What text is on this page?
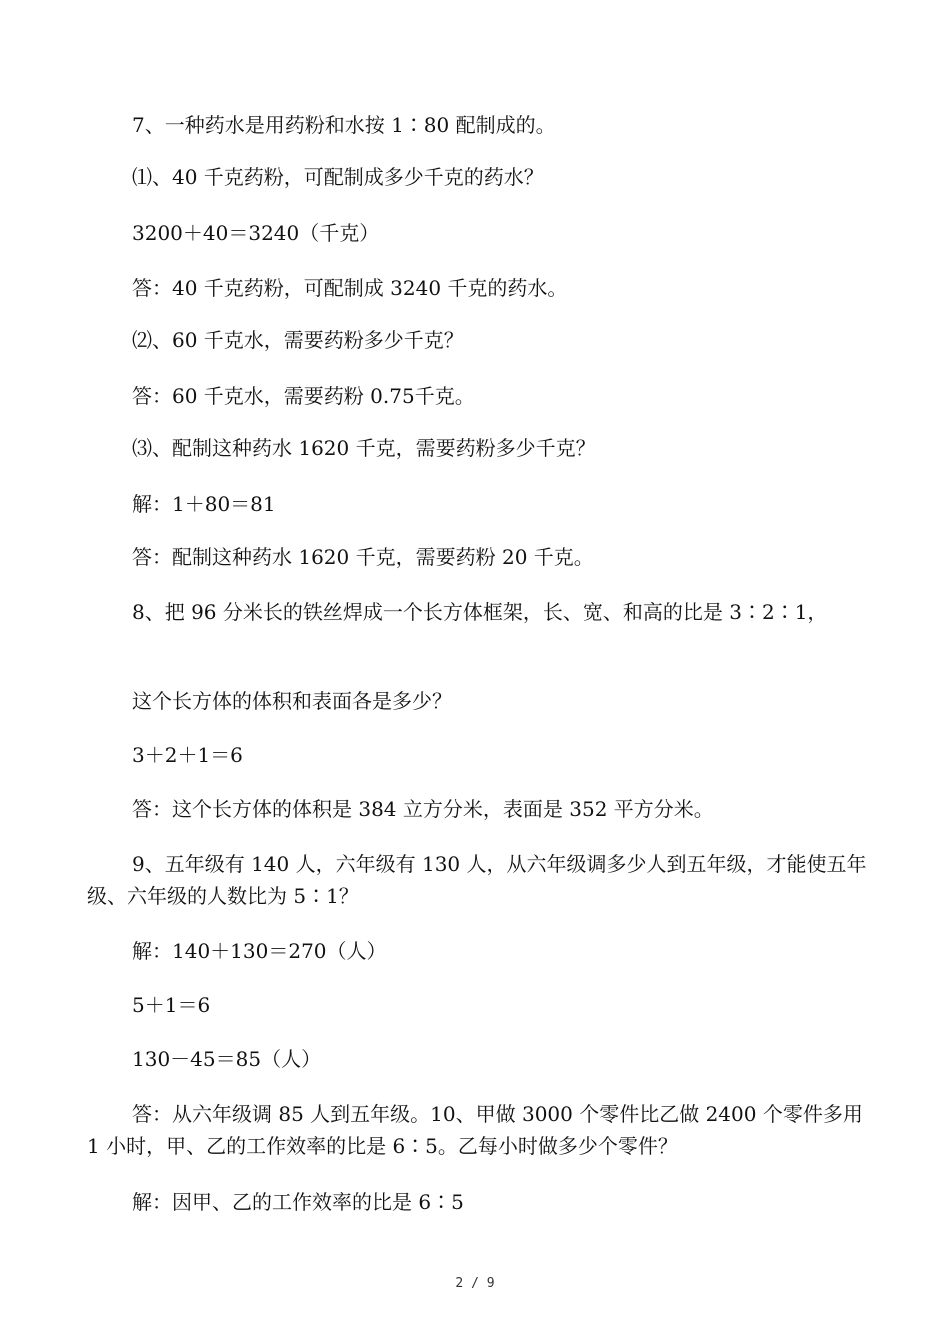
7、一种药水是用药粉和水按 1∶80 配制成的。

⑴、40 千克药粉，可配制成多少千克的药水？

3200＋40＝3240（千克）

答：40 千克药粉，可配制成 3240 千克的药水。

⑵、60 千克水，需要药粉多少千克？

答：60 千克水，需要药粉 0.75千克。

⑶、配制这种药水 1620 千克，需要药粉多少千克？

解：1＋80＝81

答：配制这种药水 1620 千克，需要药粉 20 千克。

8、把 96 分米长的铁丝焊成一个长方体框架，长、宽、和高的比是 3∶2∶1，

这个长方体的体积和表面各是多少？

3＋2＋1＝6

答：这个长方体的体积是 384 立方分米，表面是 352 平方分米。

9、五年级有 140 人，六年级有 130 人，从六年级调多少人到五年级，才能使五年级、六年级的人数比为 5∶1？

解：140＋130＝270（人）

5＋1＝6

130－45＝85（人）

答：从六年级调 85 人到五年级。10、甲做 3000 个零件比乙做 2400 个零件多用 1 小时，甲、乙的工作效率的比是 6∶5。乙每小时做多少个零件？

解：因甲、乙的工作效率的比是 6∶5

2 / 9
